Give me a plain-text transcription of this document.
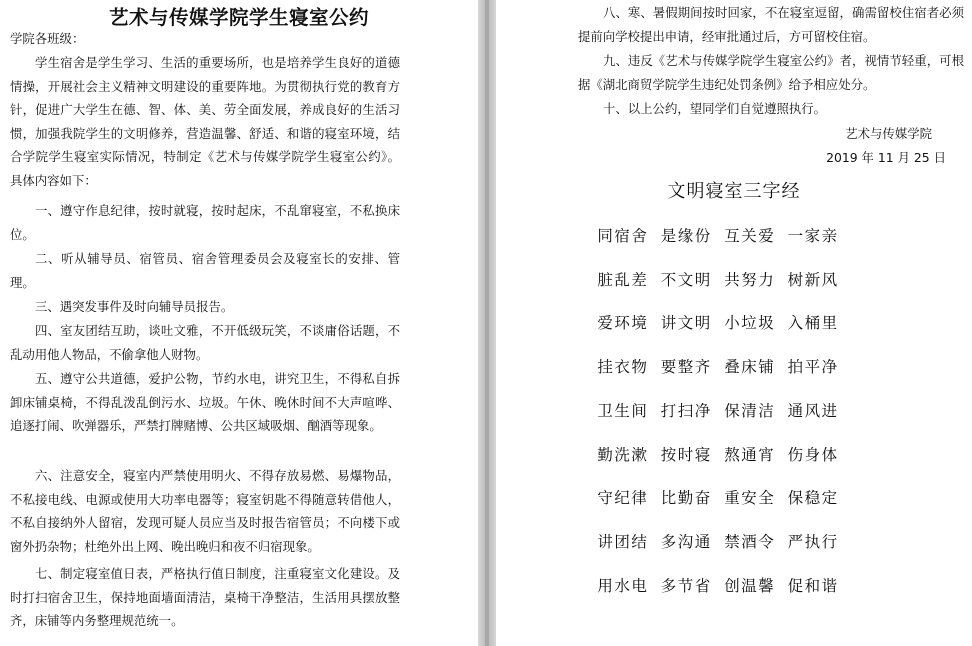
艺术与传媒学院学生寝室公约

学院各班级：

学生宿舍是学生学习、生活的重要场所，也是培养学生良好的道德情操，开展社会主义精神文明建设的重要阵地。为贯彻执行党的教育方针，促进广大学生在德、智、体、美、劳全面发展，养成良好的生活习惯，加强我院学生的文明修养，营造温馨、舒适、和谐的寝室环境，结合学院学生寝室实际情况，特制定《艺术与传媒学院学生寝室公约》。具体内容如下：

一、遵守作息纪律，按时就寝，按时起床，不乱窜寝室，不私换床位。

二、听从辅导员、宿管员、宿舍管理委员会及寝室长的安排、管理。

三、遇突发事件及时向辅导员报告。

四、室友团结互助，谈吐文雅，不开低级玩笑，不谈庸俗话题，不乱动用他人物品，不偷拿他人财物。

五、遵守公共道德，爱护公物，节约水电，讲究卫生，不得私自拆卸床铺桌椅，不得乱泼乱倒污水、垃圾。午休、晚休时间不大声喧哗、追逐打闹、吹弹器乐，严禁打牌赌博、公共区域吸烟、酗酒等现象。

六、注意安全，寝室内严禁使用明火、不得存放易燃、易爆物品，不私接电线、电源或使用大功率电器等；寝室钥匙不得随意转借他人，不私自接纳外人留宿，发现可疑人员应当及时报告宿管员；不向楼下或窗外扔杂物；杜绝外出上网、晚出晚归和夜不归宿现象。

七、制定寝室值日表，严格执行值日制度，注重寝室文化建设。及时打扫宿舍卫生，保持地面墙面清洁，桌椅干净整洁，生活用具摆放整齐，床铺等内务整理规范统一。

八、寒、暑假期间按时回家，不在寝室逗留，确需留校住宿者必须提前向学校提出申请，经审批通过后，方可留校住宿。

九、违反《艺术与传媒学院学生寝室公约》者，视情节轻重，可根据《湖北商贸学院学生违纪处罚条例》给予相应处分。

十、以上公约，望同学们自觉遵照执行。

艺术与传媒学院
2019 年 11 月 25 日
文明寝室三字经
同宿舍 是缘份 互关爱 一家亲
脏乱差 不文明 共努力 树新风
爱环境 讲文明 小垃圾 入桶里
挂衣物 要整齐 叠床铺 拍平净
卫生间 打扫净 保清洁 通风进
勤洗漱 按时寝 熬通宵 伤身体
守纪律 比勤奋 重安全 保稳定
讲团结 多沟通 禁酒令 严执行
用水电 多节省 创温馨 促和谐
